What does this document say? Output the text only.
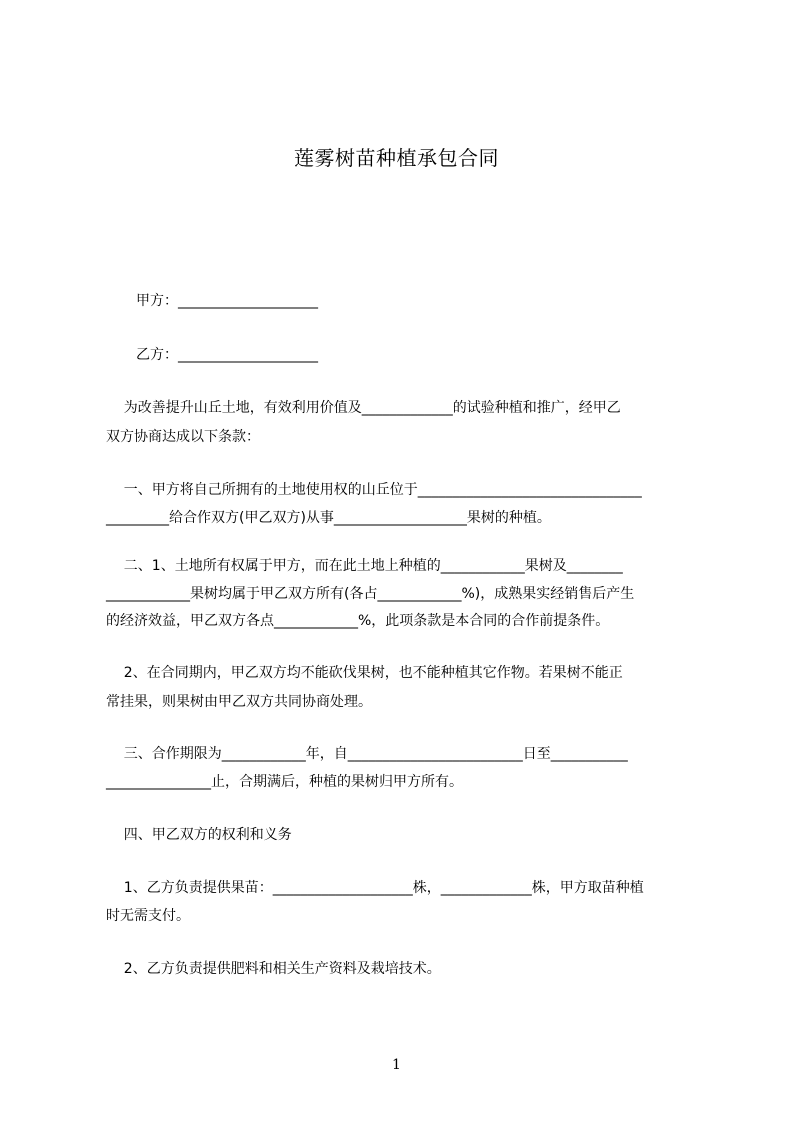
莲雾树苗种植承包合同
甲方：____________________
乙方：____________________
为改善提升山丘土地，有效利用价值及_____________的试验种植和推广，经甲乙
双方协商达成以下条款：
一、甲方将自己所拥有的土地使用权的山丘位于________________________________
_________给合作双方(甲乙双方)从事___________________果树的种植。
二、1、土地所有权属于甲方，而在此土地上种植的____________果树及________
____________果树均属于甲乙双方所有(各占____________%)，成熟果实经销售后产生
的经济效益，甲乙双方各点____________%，此项条款是本合同的合作前提条件。
2、在合同期内，甲乙双方均不能砍伐果树，也不能种植其它作物。若果树不能正
常挂果，则果树由甲乙双方共同协商处理。
三、合作期限为____________年，自_________________________日至___________
_______________止，合期满后，种植的果树归甲方所有。
四、甲乙双方的权利和义务
1、乙方负责提供果苗：____________________株，_____________株，甲方取苗种植
时无需支付。
2、乙方负责提供肥料和相关生产资料及栽培技术。
1
